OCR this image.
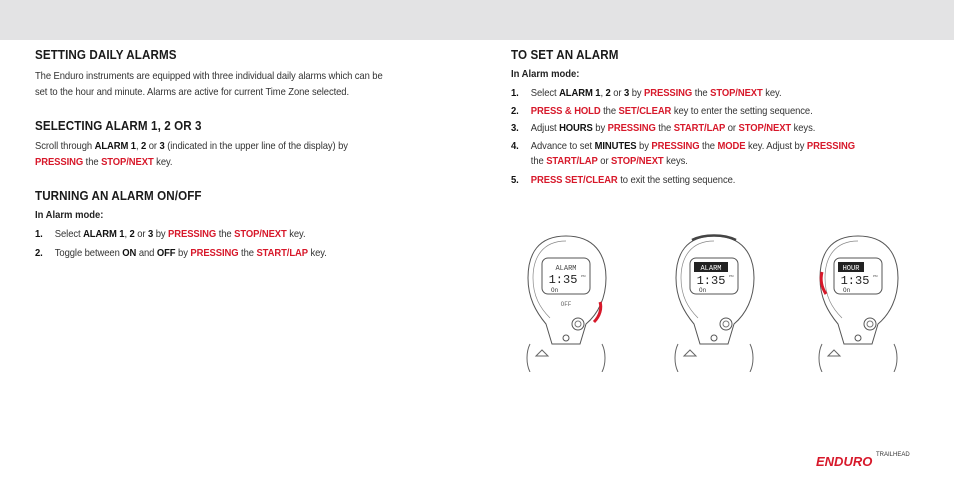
SETTING DAILY ALARMS

The Enduro instruments are equipped with three individual daily alarms which can be

set to the hour and minute. Alarms are active for current Time Zone selected.

SELECTING ALARM 1, 2 OR 3

Scroll through ALARM 1, 2 or 3 (indicated in the upper line of the display) by

PRESSING the STOP/NEXT key.

TURNING AN ALARM ON/OFF
In Alarm mode:
1. Select ALARM 1, 2 or 3 by PRESSING the STOP/NEXT key.
2. Toggle between ON and OFF by PRESSING the START/LAP key.
TO SET AN ALARM
In Alarm mode:
1. Select ALARM 1, 2 or 3 by PRESSING the STOP/NEXT key.
2. PRESS & HOLD the SET/CLEAR key to enter the setting sequence.
3. Adjust HOURS by PRESSING the START/LAP or STOP/NEXT keys.
4. Advance to set MINUTES by PRESSING the MODE key. Adjust by PRESSING
the START/LAP or STOP/NEXT keys.
5. PRESS SET/CLEAR to exit the setting sequence.
ALARM
1:35 PM
On
OFF
ALARM
1:35 PM
On
HOUR
1:35 PM
On
ENDURO TRAILHEAD
